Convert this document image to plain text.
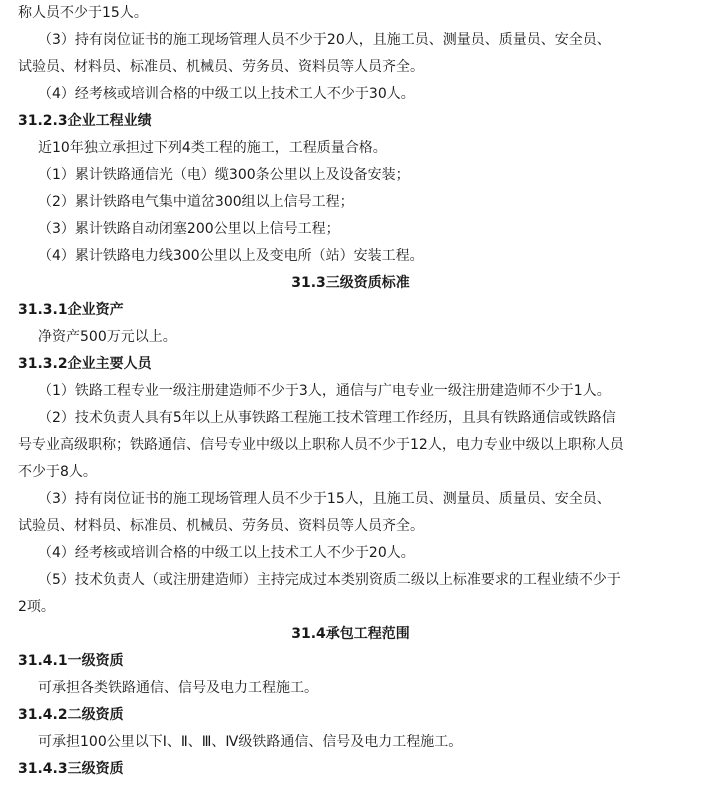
称人员不少于15人。
（3）持有岗位证书的施工现场管理人员不少于20人，且施工员、测量员、质量员、安全员、
试验员、材料员、标准员、机械员、劳务员、资料员等人员齐全。
（4）经考核或培训合格的中级工以上技术工人不少于30人。
31.2.3企业工程业绩
近10年独立承担过下列4类工程的施工，工程质量合格。
（1）累计铁路通信光（电）缆300条公里以上及设备安装；
（2）累计铁路电气集中道岔300组以上信号工程；
（3）累计铁路自动闭塞200公里以上信号工程；
（4）累计铁路电力线300公里以上及变电所（站）安装工程。
31.3三级资质标准
31.3.1企业资产
净资产500万元以上。
31.3.2企业主要人员
（1）铁路工程专业一级注册建造师不少于3人，通信与广电专业一级注册建造师不少于1人。
（2）技术负责人具有5年以上从事铁路工程施工技术管理工作经历，且具有铁路通信或铁路信
号专业高级职称；铁路通信、信号专业中级以上职称人员不少于12人，电力专业中级以上职称人员
不少于8人。
（3）持有岗位证书的施工现场管理人员不少于15人，且施工员、测量员、质量员、安全员、
试验员、材料员、标准员、机械员、劳务员、资料员等人员齐全。
（4）经考核或培训合格的中级工以上技术工人不少于20人。
（5）技术负责人（或注册建造师）主持完成过本类别资质二级以上标准要求的工程业绩不少于
2项。
31.4承包工程范围
31.4.1一级资质
可承担各类铁路通信、信号及电力工程施工。
31.4.2二级资质
可承担100公里以下Ⅰ、Ⅱ、Ⅲ、Ⅳ级铁路通信、信号及电力工程施工。
31.4.3三级资质
